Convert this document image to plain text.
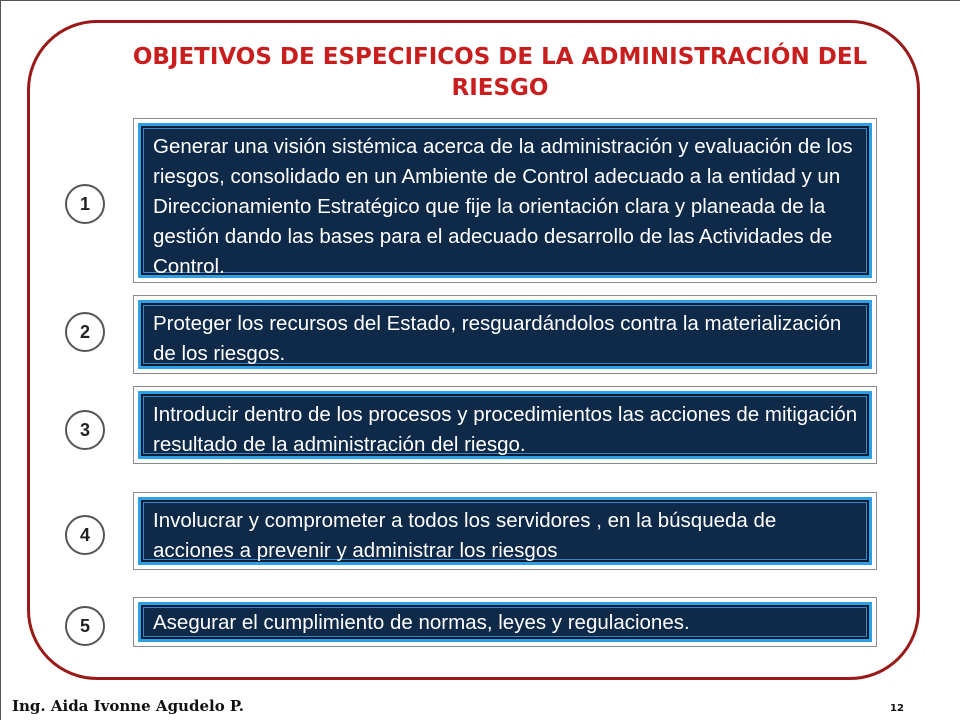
OBJETIVOS DE ESPECIFICOS DE LA ADMINISTRACIÓN DEL RIESGO
1
Generar una visión sistémica acerca de la administración y evaluación de los riesgos, consolidado en un Ambiente de Control adecuado a la entidad y un Direccionamiento Estratégico que fije la orientación clara y planeada de la gestión dando las bases para el adecuado desarrollo de las Actividades de Control.
2	Proteger los recursos del Estado, resguardándolos contra la materialización de los riesgos.
3
Introducir dentro de los procesos y procedimientos las acciones de mitigación resultado de la administración del riesgo.
4
Involucrar y comprometer a todos los servidores , en la búsqueda de acciones a prevenir y administrar los riesgos
5	Asegurar el cumplimiento de normas, leyes y regulaciones.
Ing. Aida Ivonne Agudelo P.	12
